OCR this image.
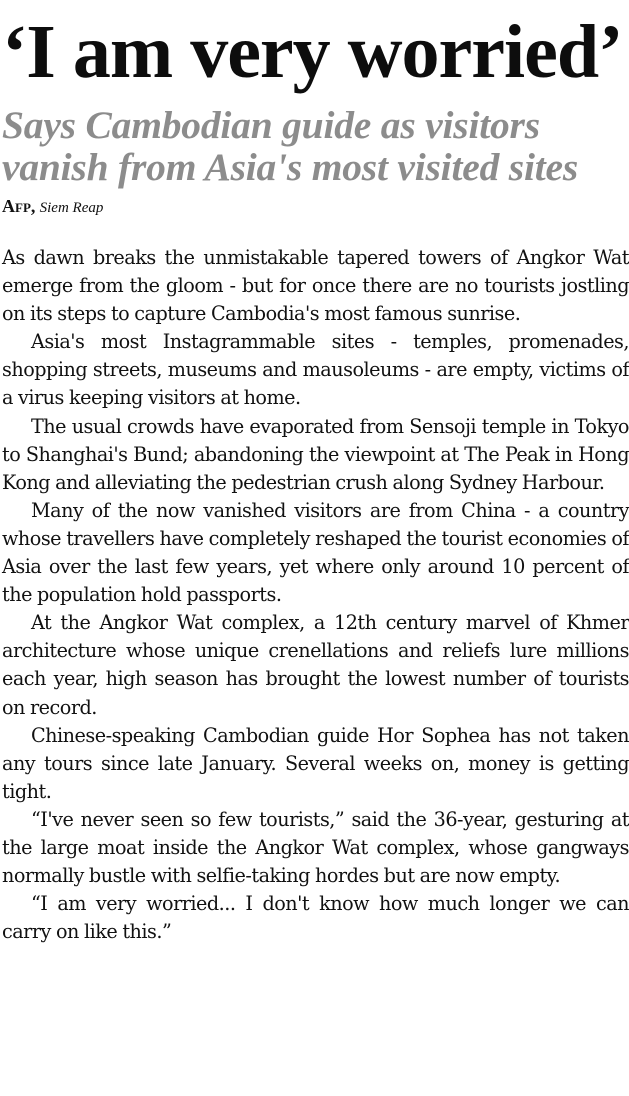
‘I am very worried’
Says Cambodian guide as visitors
vanish from Asia's most visited sites
Afp, Siem Reap

As dawn breaks the unmistakable tapered towers of Angkor Wat emerge from the gloom - but for once there are no tourists jostling on its steps to capture Cambodia's most famous sunrise.

Asia's most Instagrammable sites - temples, promenades, shopping streets, museums and mausoleums - are empty, victims of a virus keeping visitors at home.

The usual crowds have evaporated from Sensoji temple in Tokyo to Shanghai's Bund; abandoning the viewpoint at The Peak in Hong Kong and alleviating the pedestrian crush along Sydney Harbour.

Many of the now vanished visitors are from China - a country whose travellers have completely reshaped the tourist economies of Asia over the last few years, yet where only around 10 percent of the population hold passports.

At the Angkor Wat complex, a 12th century marvel of Khmer architecture whose unique crenellations and reliefs lure millions each year, high season has brought the lowest number of tourists on record.

Chinese-speaking Cambodian guide Hor Sophea has not taken any tours since late January. Several weeks on, money is getting tight.

“I've never seen so few tourists,” said the 36-year, gesturing at the large moat inside the Angkor Wat complex, whose gangways normally bustle with selfie-taking hordes but are now empty.

“I am very worried... I don't know how much longer we can carry on like this.”
